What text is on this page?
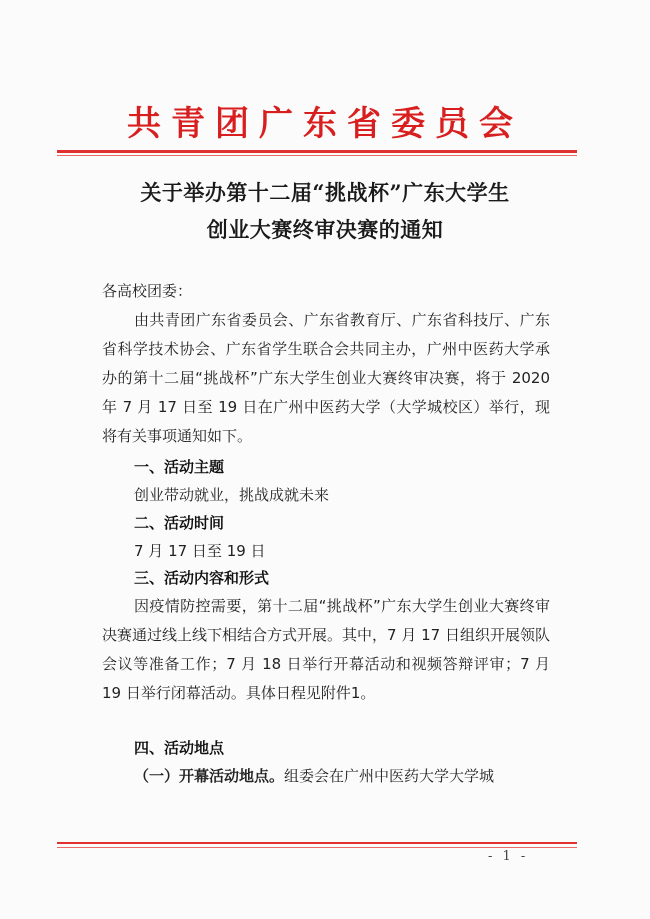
共青团广东省委员会
关于举办第十二届“挑战杯”广东大学生
创业大赛终审决赛的通知
各高校团委：

由共青团广东省委员会、广东省教育厅、广东省科技厅、广东省科学技术协会、广东省学生联合会共同主办，广州中医药大学承办的第十二届“挑战杯”广东大学生创业大赛终审决赛，将于 2020 年 7 月 17 日至 19 日在广州中医药大学（大学城校区）举行，现将有关事项通知如下。

一、活动主题
创业带动就业，挑战成就未来
二、活动时间
7 月 17 日至 19 日
三、活动内容和形式

因疫情防控需要，第十二届“挑战杯”广东大学生创业大赛终审决赛通过线上线下相结合方式开展。其中，7 月 17 日组织开展领队会议等准备工作；7 月 18 日举行开幕活动和视频答辩评审；7 月 19 日举行闭幕活动。具体日程见附件1。

四、活动地点
（一）开幕活动地点。组委会在广州中医药大学大学城
- 1 -
